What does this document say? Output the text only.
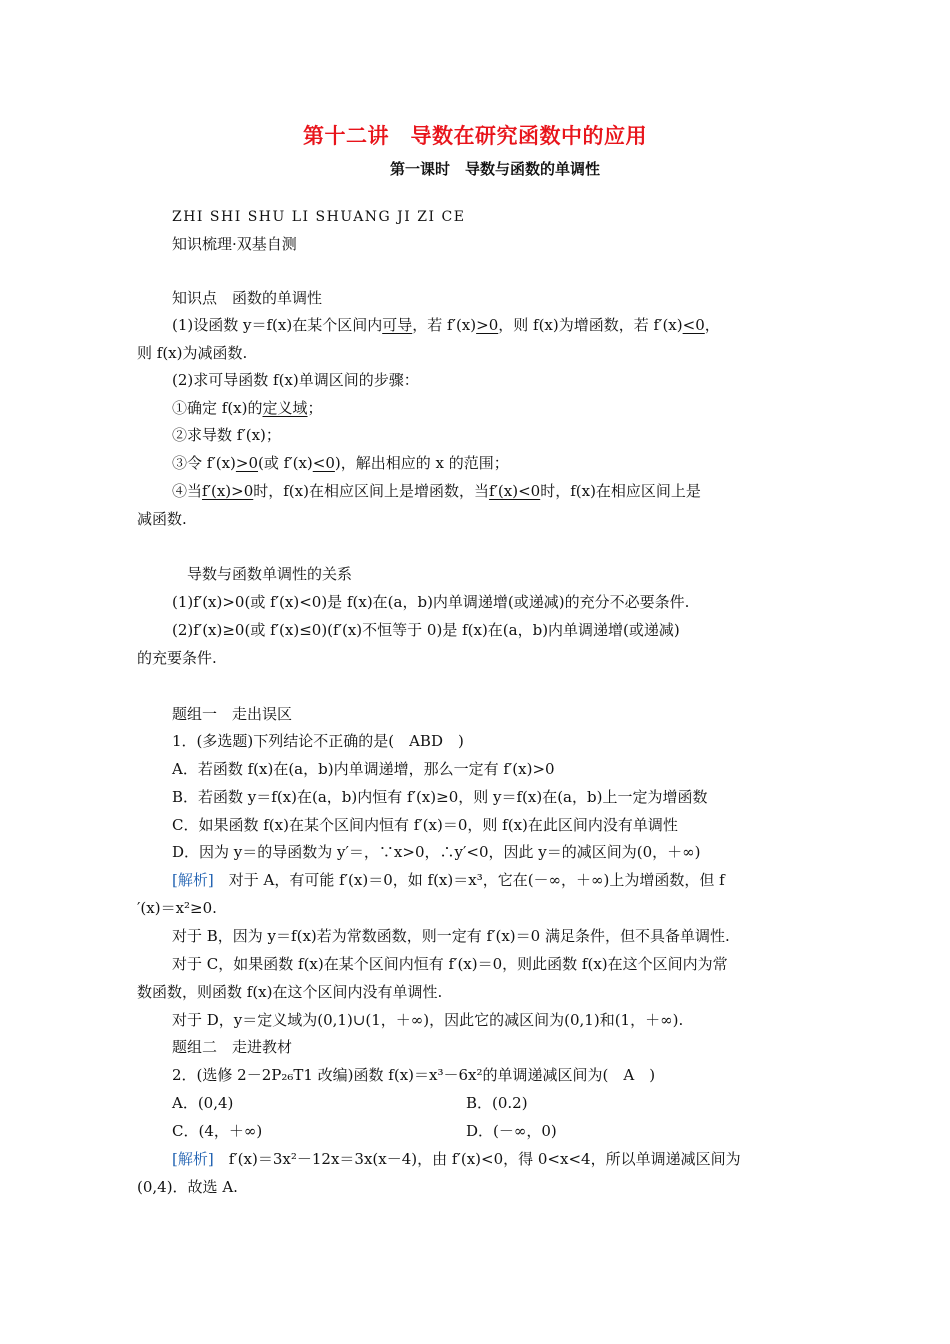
第十二讲　导数在研究函数中的应用
第一课时　导数与函数的单调性
ZHI SHI SHU LI SHUANG JI ZI CE
知识梳理·双基自测
知识点　函数的单调性
(1)设函数 y＝f(x)在某个区间内可导，若 f′(x)>0，则 f(x)为增函数，若 f′(x)<0，
则 f(x)为减函数.
(2)求可导函数 f(x)单调区间的步骤：
①确定 f(x)的定义域；
②求导数 f′(x)；
③令 f′(x)>0(或 f′(x)<0)，解出相应的 x 的范围；
④当f′(x)>0时，f(x)在相应区间上是增函数，当f′(x)<0时，f(x)在相应区间上是
减函数.
导数与函数单调性的关系
(1)f′(x)>0(或 f′(x)<0)是 f(x)在(a，b)内单调递增(或递减)的充分不必要条件.
(2)f′(x)≥0(或 f′(x)≤0)(f′(x)不恒等于 0)是 f(x)在(a，b)内单调递增(或递减)
的充要条件.
题组一　走出误区
1．(多选题)下列结论不正确的是(　ABD　)
A．若函数 f(x)在(a，b)内单调递增，那么一定有 f′(x)>0
B．若函数 y＝f(x)在(a，b)内恒有 f′(x)≥0，则 y＝f(x)在(a，b)上一定为增函数
C．如果函数 f(x)在某个区间内恒有 f′(x)＝0，则 f(x)在此区间内没有单调性
D．因为 y＝的导函数为 y′＝，∵x>0，∴y′<0，因此 y＝的减区间为(0，＋∞)
[解析]　对于 A，有可能 f′(x)＝0，如 f(x)＝x³，它在(－∞，＋∞)上为增函数，但 f
′(x)＝x²≥0.
对于 B，因为 y＝f(x)若为常数函数，则一定有 f′(x)＝0 满足条件，但不具备单调性.
对于 C，如果函数 f(x)在某个区间内恒有 f′(x)＝0，则此函数 f(x)在这个区间内为常
数函数，则函数 f(x)在这个区间内没有单调性.
对于 D，y＝定义域为(0,1)∪(1，＋∞)，因此它的减区间为(0,1)和(1，＋∞).
题组二　走进教材
2．(选修 2－2P₂₆T1 改编)函数 f(x)＝x³－6x²的单调递减区间为(　A　)
A．(0,4)	B．(0.2)
C．(4，＋∞)	D．(－∞，0)
[解析]　f′(x)＝3x²－12x＝3x(x－4)，由 f′(x)<0，得 0<x<4，所以单调递减区间为
(0,4)．故选 A.
